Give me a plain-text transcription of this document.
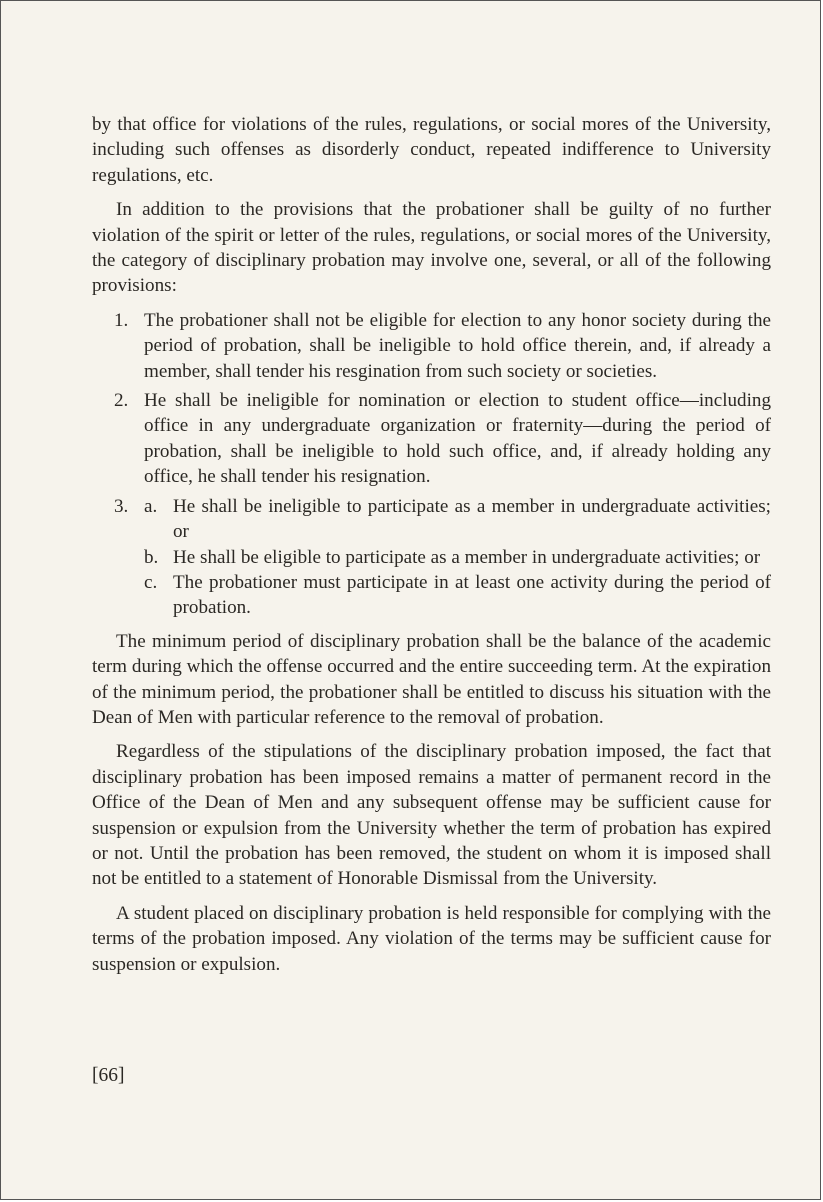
by that office for violations of the rules, regulations, or social mores of the University, including such offenses as disorderly conduct, repeated indifference to University regulations, etc.

In addition to the provisions that the probationer shall be guilty of no further violation of the spirit or letter of the rules, regulations, or social mores of the University, the category of disciplinary probation may involve one, several, or all of the following provisions:

1. The probationer shall not be eligible for election to any honor society during the period of probation, shall be ineligible to hold office therein, and, if already a member, shall tender his resgination from such society or societies.
2. He shall be ineligible for nomination or election to student office—including office in any undergraduate organization or fraternity—during the period of probation, shall be ineligible to hold such office, and, if already holding any office, he shall tender his resignation.
3. a. He shall be ineligible to participate as a member in undergraduate activities; or
b. He shall be eligible to participate as a member in undergraduate activities; or
c. The probationer must participate in at least one activity during the period of probation.

The minimum period of disciplinary probation shall be the balance of the academic term during which the offense occurred and the entire succeeding term. At the expiration of the minimum period, the probationer shall be entitled to discuss his situation with the Dean of Men with particular reference to the removal of probation.

Regardless of the stipulations of the disciplinary probation imposed, the fact that disciplinary probation has been imposed remains a matter of permanent record in the Office of the Dean of Men and any subsequent offense may be sufficient cause for suspension or expulsion from the University whether the term of probation has expired or not. Until the probation has been removed, the student on whom it is imposed shall not be entitled to a statement of Honorable Dismissal from the University.

A student placed on disciplinary probation is held responsible for complying with the terms of the probation imposed. Any violation of the terms may be sufficient cause for suspension or expulsion.

[66]
